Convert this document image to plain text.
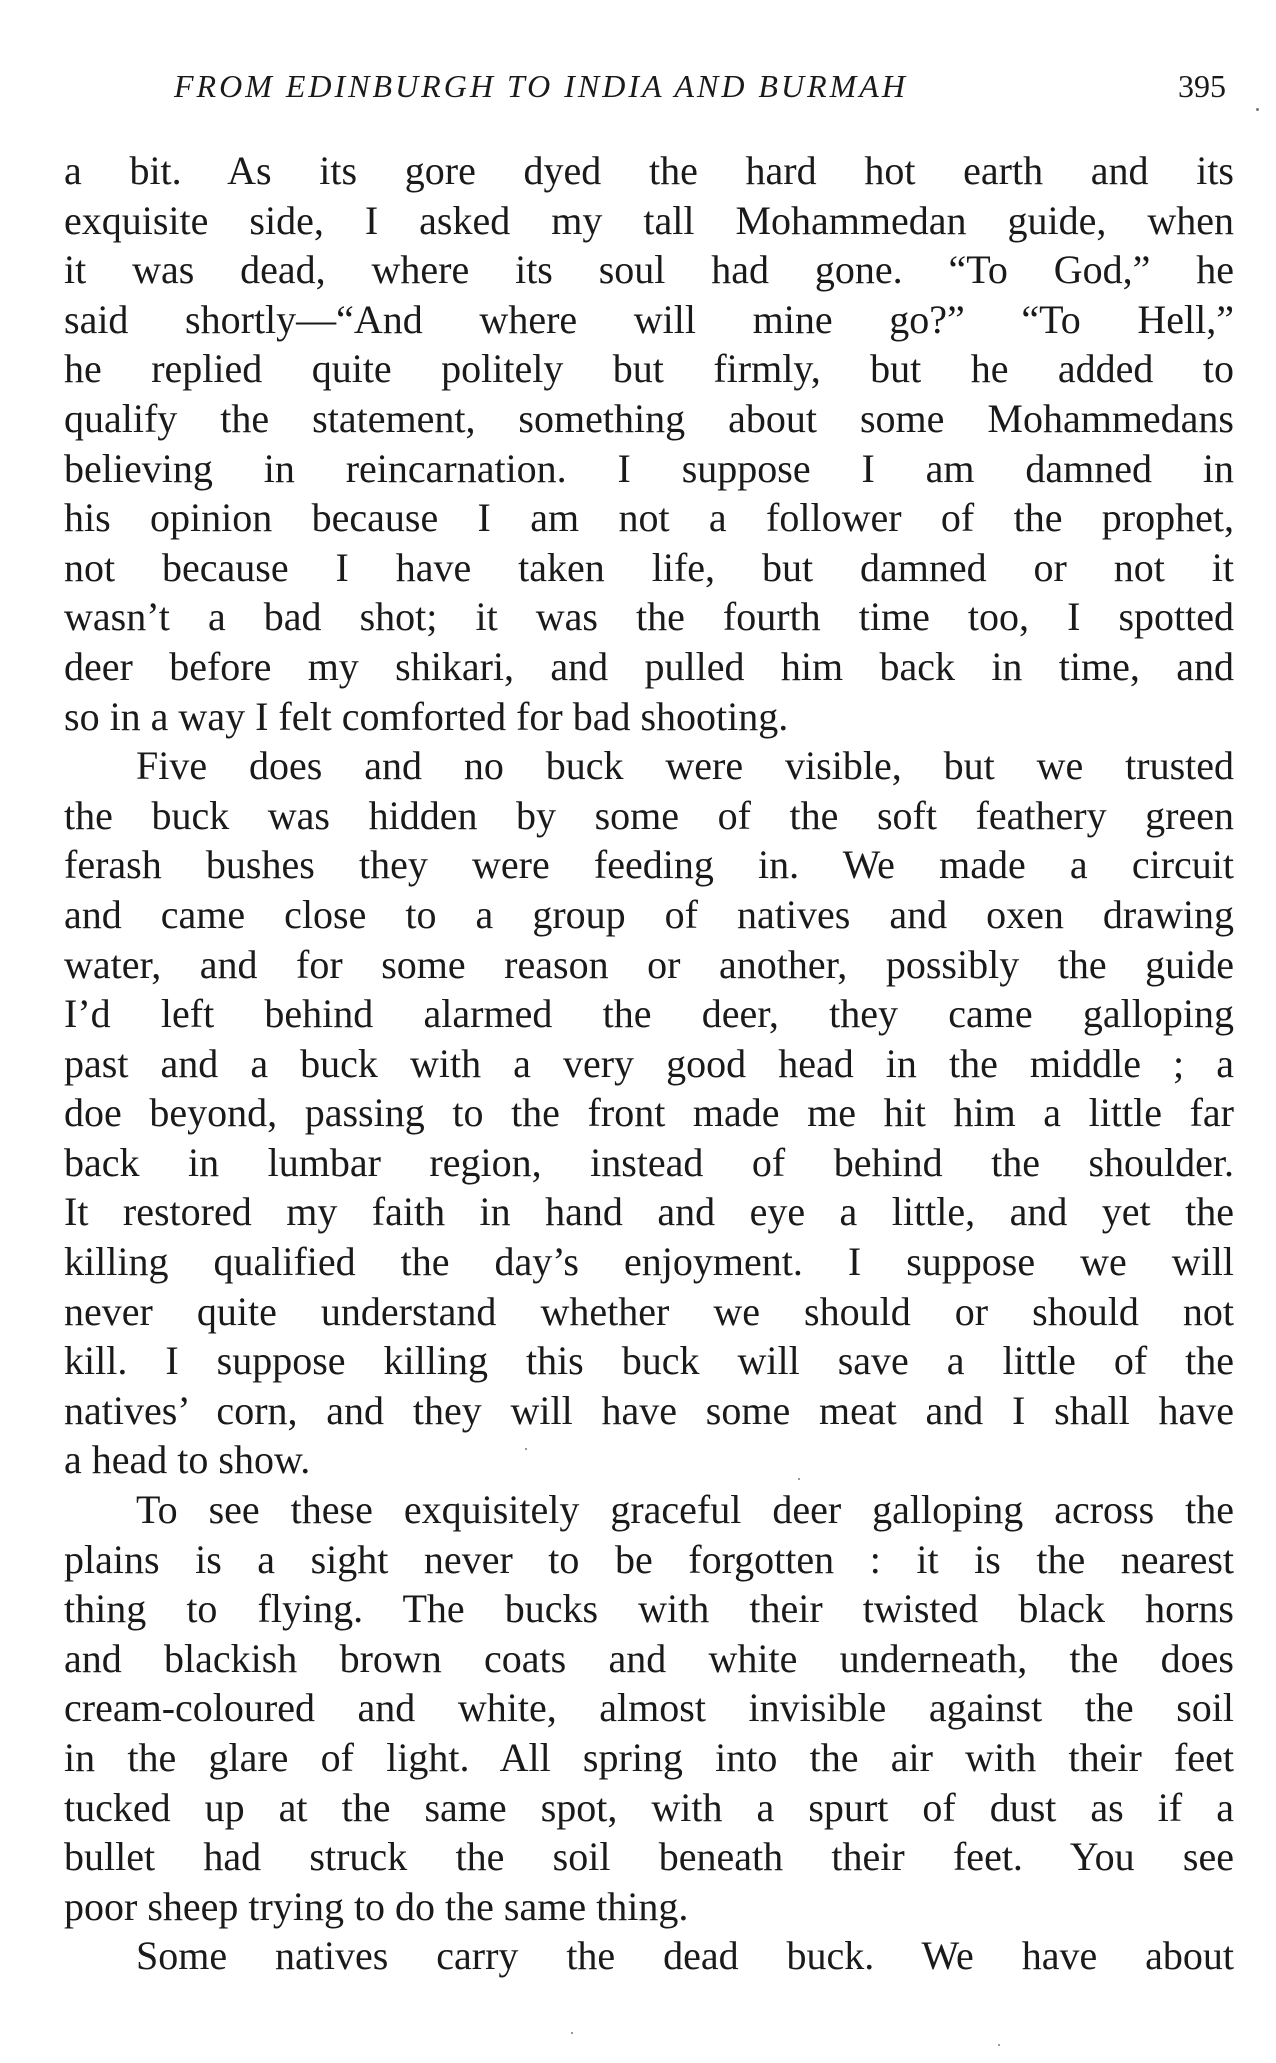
FROM EDINBURGH TO INDIA AND BURMAH	395
a bit. As its gore dyed the hard hot earth and its
exquisite side, I asked my tall Mohammedan guide, when
it was dead, where its soul had gone. “To God,” he
said shortly—“And where will mine go?” “To Hell,”
he replied quite politely but firmly, but he added to
qualify the statement, something about some Mohammedans
believing in reincarnation. I suppose I am damned in
his opinion because I am not a follower of the prophet,
not because I have taken life, but damned or not it
wasn’t a bad shot; it was the fourth time too, I spotted
deer before my shikari, and pulled him back in time, and
so in a way I felt comforted for bad shooting.
Five does and no buck were visible, but we trusted
the buck was hidden by some of the soft feathery green
ferash bushes they were feeding in. We made a circuit
and came close to a group of natives and oxen drawing
water, and for some reason or another, possibly the guide
I’d left behind alarmed the deer, they came galloping
past and a buck with a very good head in the middle ; a
doe beyond, passing to the front made me hit him a little far
back in lumbar region, instead of behind the shoulder.
It restored my faith in hand and eye a little, and yet the
killing qualified the day’s enjoyment. I suppose we will
never quite understand whether we should or should not
kill. I suppose killing this buck will save a little of the
natives’ corn, and they will have some meat and I shall have
a head to show.
To see these exquisitely graceful deer galloping across the
plains is a sight never to be forgotten : it is the nearest
thing to flying. The bucks with their twisted black horns
and blackish brown coats and white underneath, the does
cream-coloured and white, almost invisible against the soil
in the glare of light. All spring into the air with their feet
tucked up at the same spot, with a spurt of dust as if a
bullet had struck the soil beneath their feet. You see
poor sheep trying to do the same thing.
Some natives carry the dead buck. We have about
